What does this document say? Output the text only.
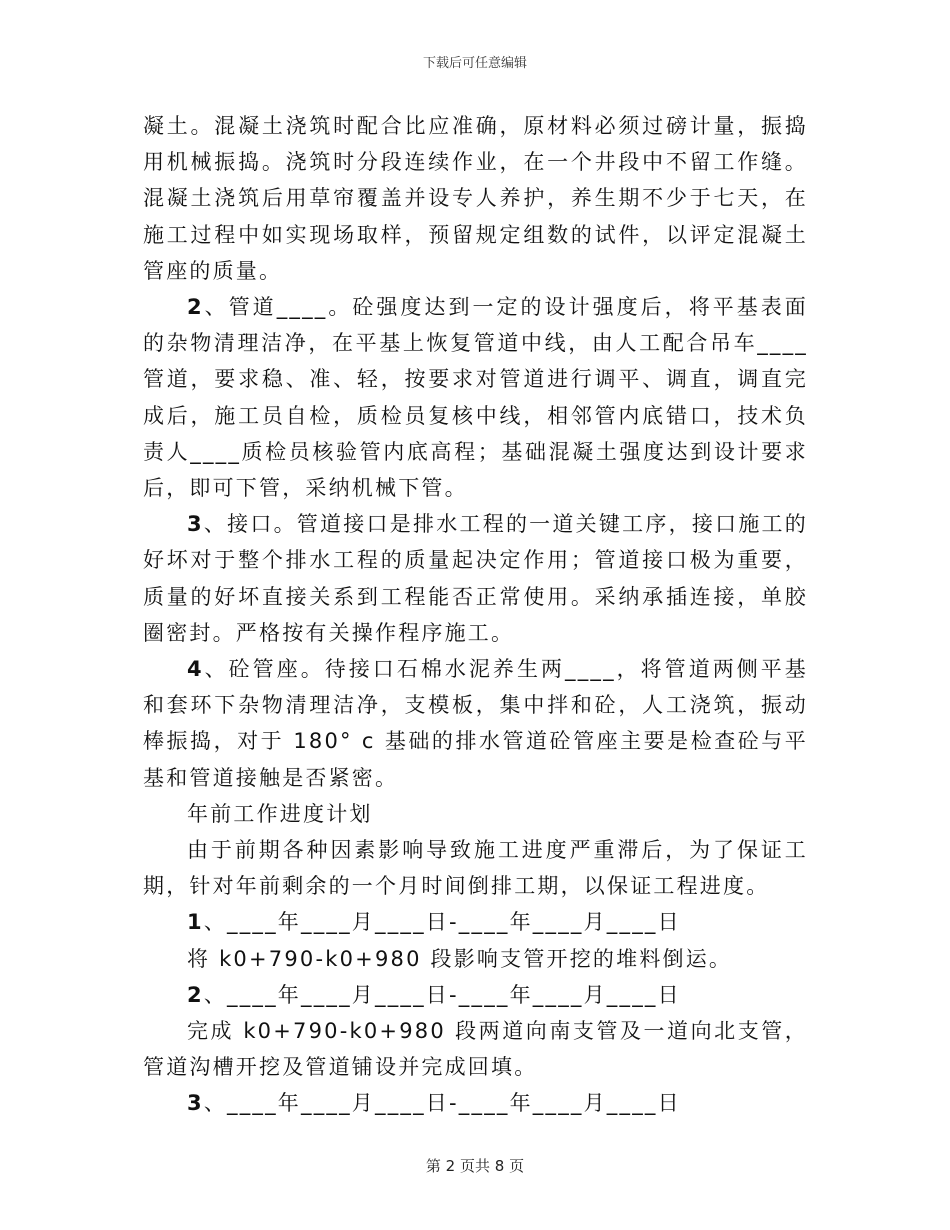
下载后可任意编辑

凝土。混凝土浇筑时配合比应准确，原材料必须过磅计量，振捣用机械振捣。浇筑时分段连续作业，在一个井段中不留工作缝。混凝土浇筑后用草帘覆盖并设专人养护，养生期不少于七天，在施工过程中如实现场取样，预留规定组数的试件，以评定混凝土管座的质量。

2、管道____。砼强度达到一定的设计强度后，将平基表面的杂物清理洁净，在平基上恢复管道中线，由人工配合吊车____管道，要求稳、准、轻，按要求对管道进行调平、调直，调直完成后，施工员自检，质检员复核中线，相邻管内底错口，技术负责人____质检员核验管内底高程；基础混凝土强度达到设计要求后，即可下管，采纳机械下管。

3、接口。管道接口是排水工程的一道关键工序，接口施工的好坏对于整个排水工程的质量起决定作用；管道接口极为重要，质量的好坏直接关系到工程能否正常使用。采纳承插连接，单胶圈密封。严格按有关操作程序施工。

4、砼管座。待接口石棉水泥养生两____，将管道两侧平基和套环下杂物清理洁净，支模板，集中拌和砼，人工浇筑，振动棒振捣，对于 180° c 基础的排水管道砼管座主要是检查砼与平基和管道接触是否紧密。

年前工作进度计划

由于前期各种因素影响导致施工进度严重滞后，为了保证工期，针对年前剩余的一个月时间倒排工期，以保证工程进度。

1、____年____月____日-____年____月____日

将 k0+790-k0+980 段影响支管开挖的堆料倒运。

2、____年____月____日-____年____月____日

完成 k0+790-k0+980 段两道向南支管及一道向北支管，管道沟槽开挖及管道铺设并完成回填。

3、____年____月____日-____年____月____日

第 2 页共 8 页
